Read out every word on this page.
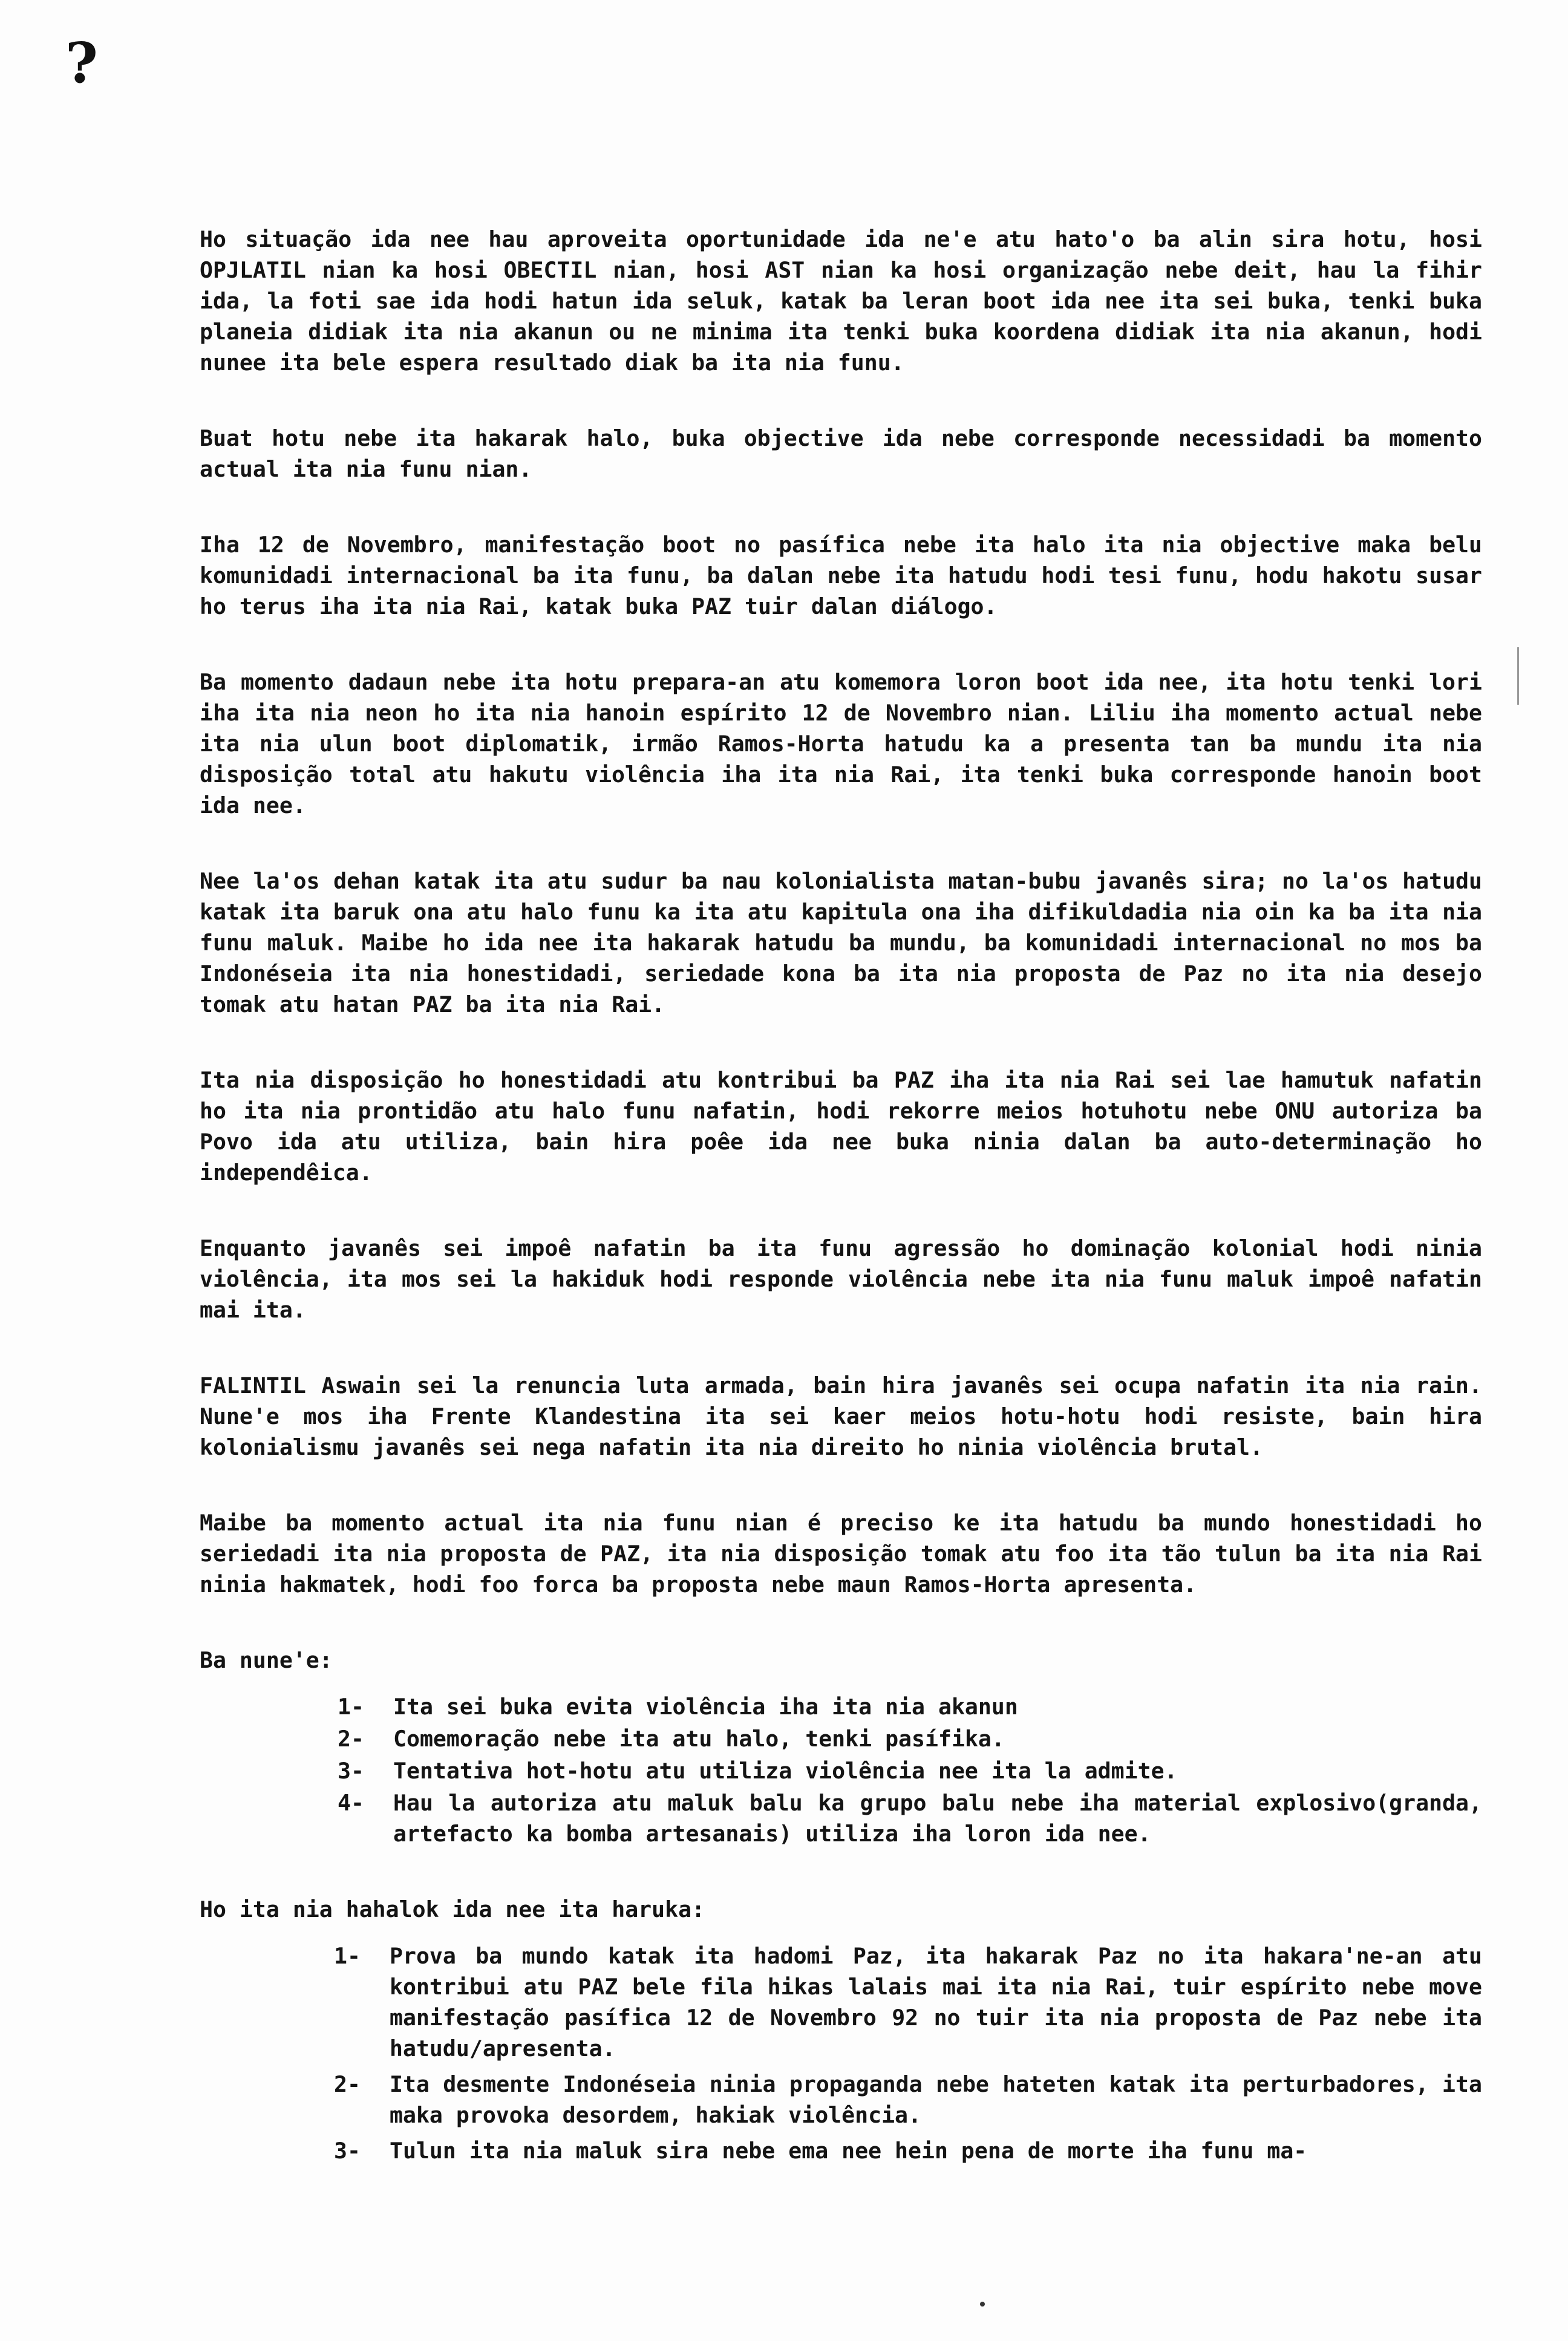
?

Ho situação ida nee hau aproveita oportunidade ida ne'e atu hato'o ba alin sira hotu, hosi OPJLATIL nian ka hosi OBECTIL nian, hosi AST nian ka hosi organização nebe deit, hau la fihir ida, la foti sae ida hodi hatun ida seluk, katak ba leran boot ida nee ita sei buka, tenki buka planeia didiak ita nia akanun ou ne minima ita tenki buka koordena didiak ita nia akanun, hodi nunee ita bele espera resultado diak ba ita nia funu.

Buat hotu nebe ita hakarak halo, buka objective ida nebe corresponde necessidadi ba momento actual ita nia funu nian.

Iha 12 de Novembro, manifestação boot no pasífica nebe ita halo ita nia objective maka belu komunidadi internacional ba ita funu, ba dalan nebe ita hatudu hodi tesi funu, hodu hakotu susar ho terus iha ita nia Rai, katak buka PAZ tuir dalan diálogo.

Ba momento dadaun nebe ita hotu prepara-an atu komemora loron boot ida nee, ita hotu tenki lori iha ita nia neon ho ita nia hanoin espírito 12 de Novembro nian. Liliu iha momento actual nebe ita nia ulun boot diplomatik, irmão Ramos-Horta hatudu ka a presenta tan ba mundu ita nia disposição total atu hakutu violência iha ita nia Rai, ita tenki buka corresponde hanoin boot ida nee.

Nee la'os dehan katak ita atu sudur ba nau kolonialista matan-bubu javanês sira; no la'os hatudu katak ita baruk ona atu halo funu ka ita atu kapitula ona iha difikuldadia nia oin ka ba ita nia funu maluk. Maibe ho ida nee ita hakarak hatudu ba mundu, ba komunidadi internacional no mos ba Indonéseia ita nia honestidadi, seriedade kona ba ita nia proposta de Paz no ita nia desejo tomak atu hatan PAZ ba ita nia Rai.

Ita nia disposição ho honestidadi atu kontribui ba PAZ iha ita nia Rai sei lae hamutuk nafatin ho ita nia prontidão atu halo funu nafatin, hodi rekorre meios hotuhotu nebe ONU autoriza ba Povo ida atu utiliza, bain hira poêe ida nee buka ninia dalan ba auto-determinação ho independêica.

Enquanto javanês sei impoê nafatin ba ita funu agressão ho dominação kolonial hodi ninia violência, ita mos sei la hakiduk hodi responde violência nebe ita nia funu maluk impoê nafatin mai ita.

FALINTIL Aswain sei la renuncia luta armada, bain hira javanês sei ocupa nafatin ita nia rain. Nune'e mos iha Frente Klandestina ita sei kaer meios hotu-hotu hodi resiste, bain hira kolonialismu javanês sei nega nafatin ita nia direito ho ninia violência brutal.

Maibe ba momento actual ita nia funu nian é preciso ke ita hatudu ba mundo honestidadi ho seriedadi ita nia proposta de PAZ, ita nia disposição tomak atu foo ita tão tulun ba ita nia Rai ninia hakmatek, hodi foo forca ba proposta nebe maun Ramos-Horta apresenta.

Ba nune'e:

1- Ita sei buka evita violência iha ita nia akanun
2- Comemoração nebe ita atu halo, tenki pasífika.
3- Tentativa hot-hotu atu utiliza violência nee ita la admite.
4- Hau la autoriza atu maluk balu ka grupo balu nebe iha material explosivo(granda, artefacto ka bomba artesanais) utiliza iha loron ida nee.

Ho ita nia hahalok ida nee ita haruka:

1- Prova ba mundo katak ita hadomi Paz, ita hakarak Paz no ita hakara'ne-an atu kontribui atu PAZ bele fila hikas lalais mai ita nia Rai, tuir espírito nebe move manifestação pasífica 12 de Novembro 92 no tuir ita nia proposta de Paz nebe ita hatudu/apresenta.
2- Ita desmente Indonéseia ninia propaganda nebe hateten katak ita perturbadores, ita maka provoka desordem, hakiak violência.
3- Tulun ita nia maluk sira nebe ema nee hein pena de morte iha funu ma-
